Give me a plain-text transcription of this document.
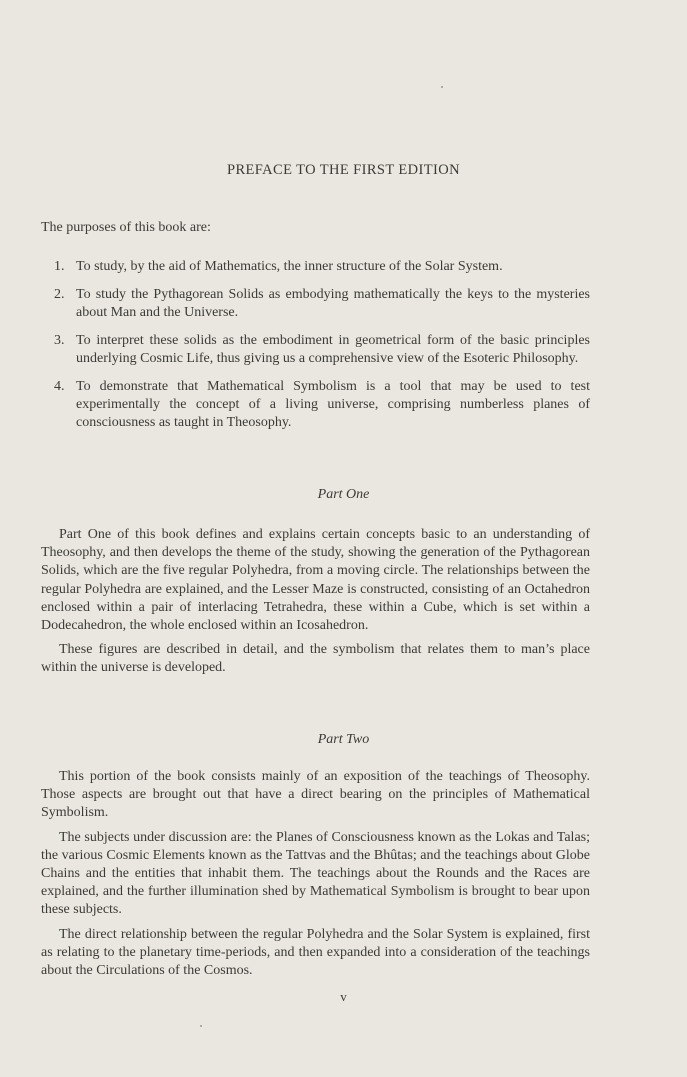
PREFACE TO THE FIRST EDITION

The purposes of this book are:

1. To study, by the aid of Mathematics, the inner structure of the Solar System.
2. To study the Pythagorean Solids as embodying mathematically the keys to the mysteries about Man and the Universe.
3. To interpret these solids as the embodiment in geometrical form of the basic principles underlying Cosmic Life, thus giving us a comprehensive view of the Esoteric Philosophy.
4. To demonstrate that Mathematical Symbolism is a tool that may be used to test experimentally the concept of a living universe, comprising numberless planes of consciousness as taught in Theosophy.
Part One

Part One of this book defines and explains certain concepts basic to an understanding of Theosophy, and then develops the theme of the study, showing the generation of the Pythagorean Solids, which are the five regular Polyhedra, from a moving circle. The relationships between the regular Polyhedra are explained, and the Lesser Maze is constructed, consisting of an Octahedron enclosed within a pair of interlacing Tetrahedra, these within a Cube, which is set within a Dodecahedron, the whole enclosed within an Icosahedron.

These figures are described in detail, and the symbolism that relates them to man’s place within the universe is developed.

Part Two

This portion of the book consists mainly of an exposition of the teachings of Theosophy. Those aspects are brought out that have a direct bearing on the principles of Mathematical Symbolism.

The subjects under discussion are: the Planes of Consciousness known as the Lokas and Talas; the various Cosmic Elements known as the Tattvas and the Bhûtas; and the teachings about Globe Chains and the entities that inhabit them. The teachings about the Rounds and the Races are explained, and the further illumination shed by Mathematical Symbolism is brought to bear upon these subjects.

The direct relationship between the regular Polyhedra and the Solar System is explained, first as relating to the planetary time-periods, and then expanded into a consideration of the teachings about the Circulations of the Cosmos.

v
